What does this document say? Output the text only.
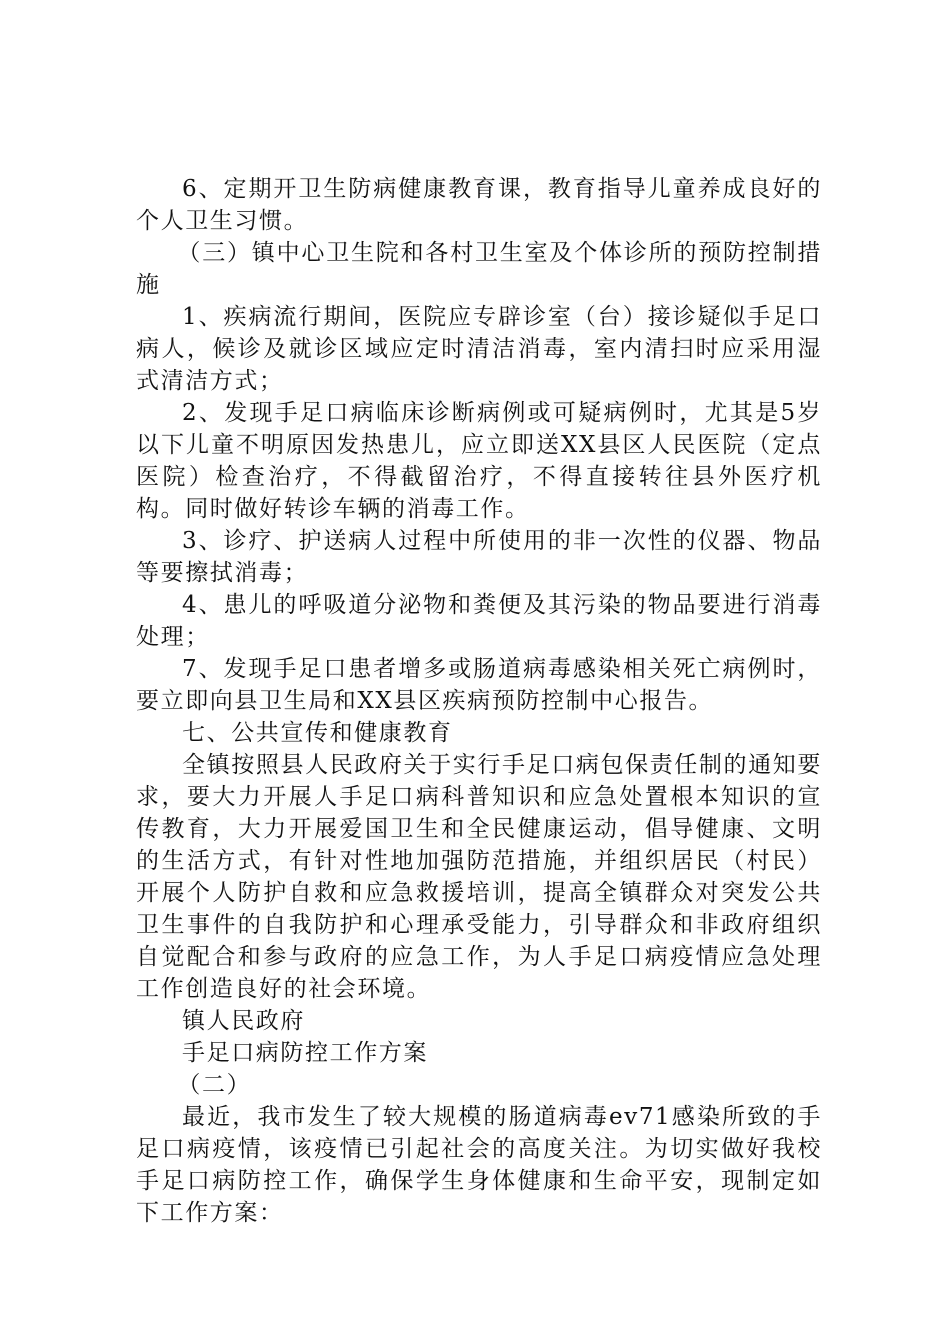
6、定期开卫生防病健康教育课，教育指导儿童养成良好的个人卫生习惯。

（三）镇中心卫生院和各村卫生室及个体诊所的预防控制措施

1、疾病流行期间，医院应专辟诊室（台）接诊疑似手足口病人，候诊及就诊区域应定时清洁消毒，室内清扫时应采用湿式清洁方式；

2、发现手足口病临床诊断病例或可疑病例时，尤其是5岁以下儿童不明原因发热患儿，应立即送XX县区人民医院（定点医院）检查治疗，不得截留治疗，不得直接转往县外医疗机构。同时做好转诊车辆的消毒工作。

3、诊疗、护送病人过程中所使用的非一次性的仪器、物品等要擦拭消毒；

4、患儿的呼吸道分泌物和粪便及其污染的物品要进行消毒处理；

7、发现手足口患者增多或肠道病毒感染相关死亡病例时，要立即向县卫生局和XX县区疾病预防控制中心报告。

七、公共宣传和健康教育

全镇按照县人民政府关于实行手足口病包保责任制的通知要求，要大力开展人手足口病科普知识和应急处置根本知识的宣传教育，大力开展爱国卫生和全民健康运动，倡导健康、文明的生活方式，有针对性地加强防范措施，并组织居民（村民）开展个人防护自救和应急救援培训，提高全镇群众对突发公共卫生事件的自我防护和心理承受能力，引导群众和非政府组织自觉配合和参与政府的应急工作，为人手足口病疫情应急处理工作创造良好的社会环境。

镇人民政府

手足口病防控工作方案

（二）

最近，我市发生了较大规模的肠道病毒ev71感染所致的手足口病疫情，该疫情已引起社会的高度关注。为切实做好我校手足口病防控工作，确保学生身体健康和生命平安，现制定如下工作方案：
